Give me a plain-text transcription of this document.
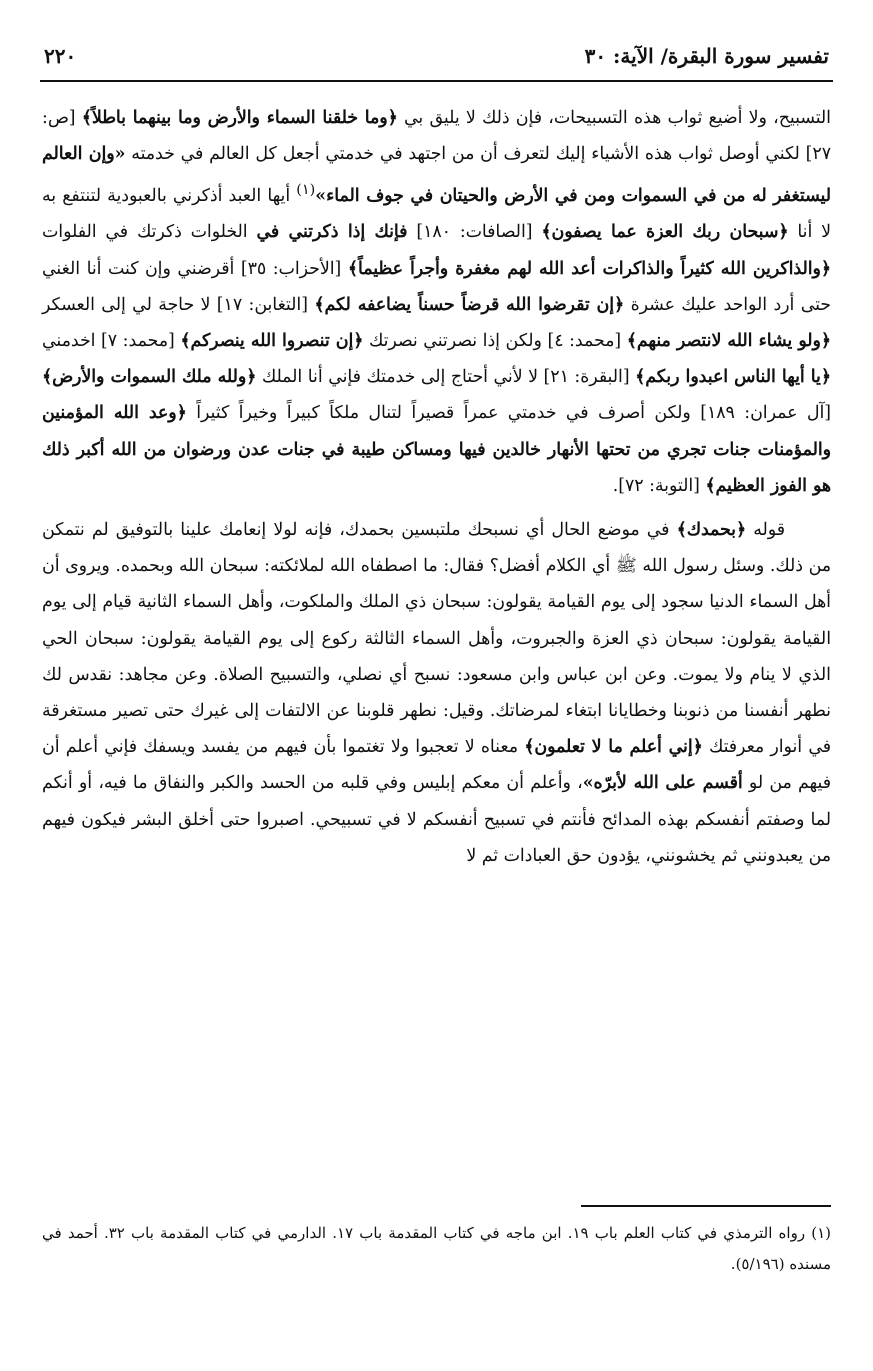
تفسير سورة البقرة/ الآية: ٣٠
٢٢٠

التسبيح، ولا أضيع ثواب هذه التسبيحات، فإن ذلك لا يليق بي ﴿وما خلقنا السماء والأرض وما بينهما باطلاً﴾ [ص: ٢٧] لكني أوصل ثواب هذه الأشياء إليك لتعرف أن من اجتهد في خدمتي أجعل كل العالم في خدمته «وإن العالم ليستغفر له من في السموات ومن في الأرض والحيتان في جوف الماء»$^{(١)}$ أيها العبد أذكرني بالعبودية لتنتفع به لا أنا ﴿سبحان ربك العزة عما يصفون﴾ [الصافات: ١٨٠] فإنك إذا ذكرتني في الخلوات ذكرتك في الفلوات ﴿والذاكرين الله كثيراً والذاكرات أعد الله لهم مغفرة وأجراً عظيماً﴾ [الأحزاب: ٣٥] أقرضني وإن كنت أنا الغني حتى أرد الواحد عليك عشرة ﴿إن تقرضوا الله قرضاً حسناً يضاعفه لكم﴾ [التغابن: ١٧] لا حاجة لي إلى العسكر ﴿ولو يشاء الله لانتصر منهم﴾ [محمد: ٤] ولكن إذا نصرتني نصرتك ﴿إن تنصروا الله ينصركم﴾ [محمد: ٧] اخدمني ﴿يا أيها الناس اعبدوا ربكم﴾ [البقرة: ٢١] لا لأني أحتاج إلى خدمتك فإني أنا الملك ﴿ولله ملك السموات والأرض﴾ [آل عمران: ١٨٩] ولكن أصرف في خدمتي عمراً قصيراً لتنال ملكاً كبيراً وخيراً كثيراً ﴿وعد الله المؤمنين والمؤمنات جنات تجري من تحتها الأنهار خالدين فيها ومساكن طيبة في جنات عدن ورضوان من الله أكبر ذلك هو الفوز العظيم﴾ [التوبة: ٧٢].

قوله ﴿بحمدك﴾ في موضع الحال أي نسبحك ملتبسين بحمدك، فإنه لولا إنعامك علينا بالتوفيق لم نتمكن من ذلك. وسئل رسول الله ﷺ أي الكلام أفضل؟ فقال: ما اصطفاه الله لملائكته: سبحان الله وبحمده. ويروى أن أهل السماء الدنيا سجود إلى يوم القيامة يقولون: سبحان ذي الملك والملكوت، وأهل السماء الثانية قيام إلى يوم القيامة يقولون: سبحان ذي العزة والجبروت، وأهل السماء الثالثة ركوع إلى يوم القيامة يقولون: سبحان الحي الذي لا ينام ولا يموت. وعن ابن عباس وابن مسعود: نسبح أي نصلي، والتسبيح الصلاة. وعن مجاهد: نقدس لك نطهر أنفسنا من ذنوبنا وخطايانا ابتغاء لمرضاتك. وقيل: نطهر قلوبنا عن الالتفات إلى غيرك حتى تصير مستغرقة في أنوار معرفتك ﴿إني أعلم ما لا تعلمون﴾ معناه لا تعجبوا ولا تغتموا بأن فيهم من يفسد ويسفك فإني أعلم أن فيهم من لو أقسم على الله لأبرّه»، وأعلم أن معكم إبليس وفي قلبه من الحسد والكبر والنفاق ما فيه، أو أنكم لما وصفتم أنفسكم بهذه المدائح فأنتم في تسبيح أنفسكم لا في تسبيحي. اصبروا حتى أخلق البشر فيكون فيهم من يعبدونني ثم يخشونني، يؤدون حق العبادات ثم لا

(١) رواه الترمذي في كتاب العلم باب ١٩. ابن ماجه في كتاب المقدمة باب ١٧. الدارمي في كتاب المقدمة باب ٣٢. أحمد في مسنده (٥/١٩٦).
